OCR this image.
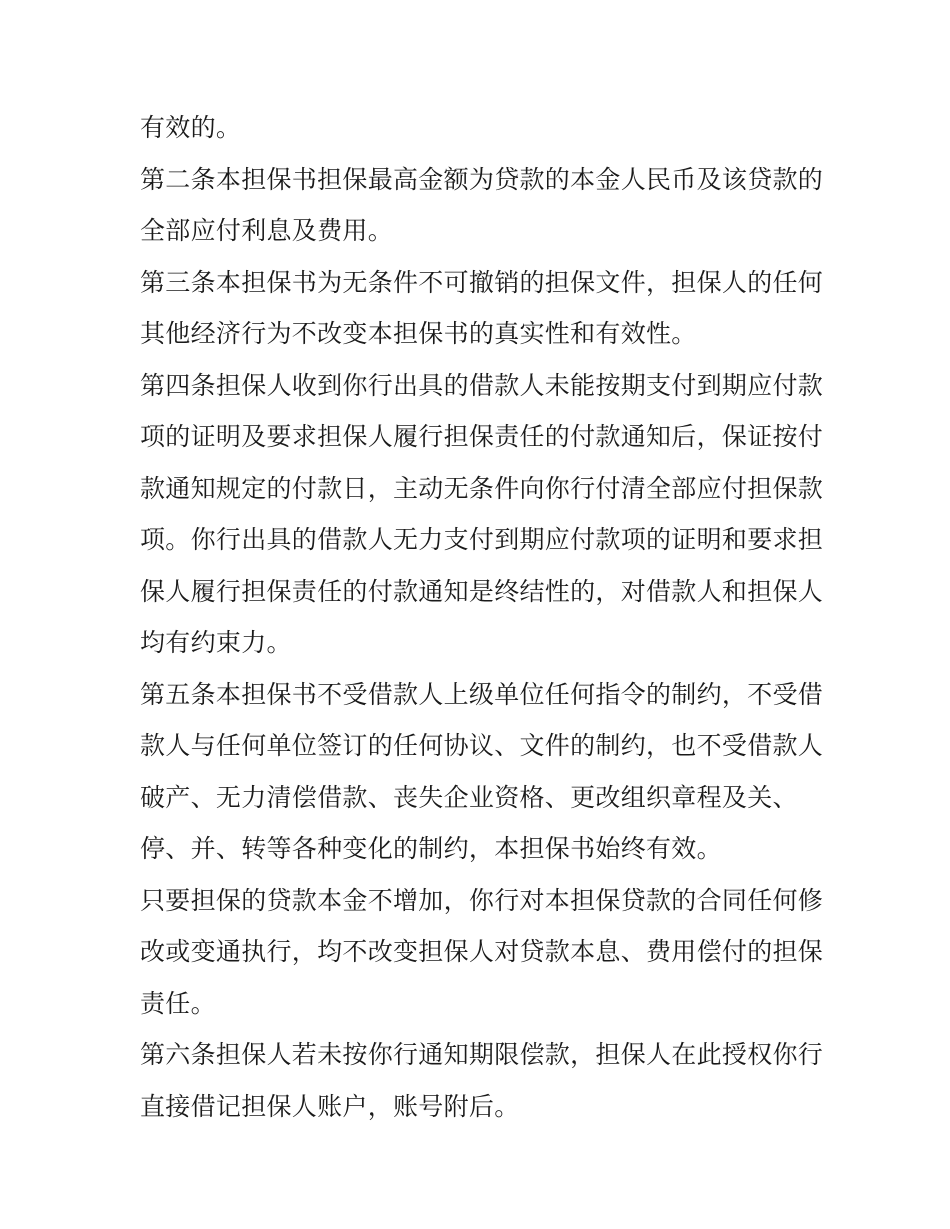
有效的。
第二条本担保书担保最高金额为贷款的本金人民币及该贷款的
全部应付利息及费用。
第三条本担保书为无条件不可撤销的担保文件，担保人的任何
其他经济行为不改变本担保书的真实性和有效性。
第四条担保人收到你行出具的借款人未能按期支付到期应付款
项的证明及要求担保人履行担保责任的付款通知后，保证按付
款通知规定的付款日，主动无条件向你行付清全部应付担保款
项。你行出具的借款人无力支付到期应付款项的证明和要求担
保人履行担保责任的付款通知是终结性的，对借款人和担保人
均有约束力。
第五条本担保书不受借款人上级单位任何指令的制约，不受借
款人与任何单位签订的任何协议、文件的制约，也不受借款人
破产、无力清偿借款、丧失企业资格、更改组织章程及关、
停、并、转等各种变化的制约，本担保书始终有效。
只要担保的贷款本金不增加，你行对本担保贷款的合同任何修
改或变通执行，均不改变担保人对贷款本息、费用偿付的担保
责任。
第六条担保人若未按你行通知期限偿款，担保人在此授权你行
直接借记担保人账户，账号附后。
